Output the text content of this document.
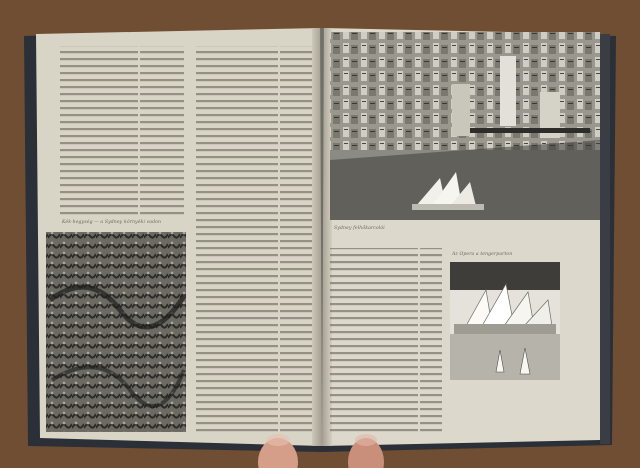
Kék-hegység — a Sydney környéki vadon
Sydney felhőkarcolói
Az Opera a tengerparton
